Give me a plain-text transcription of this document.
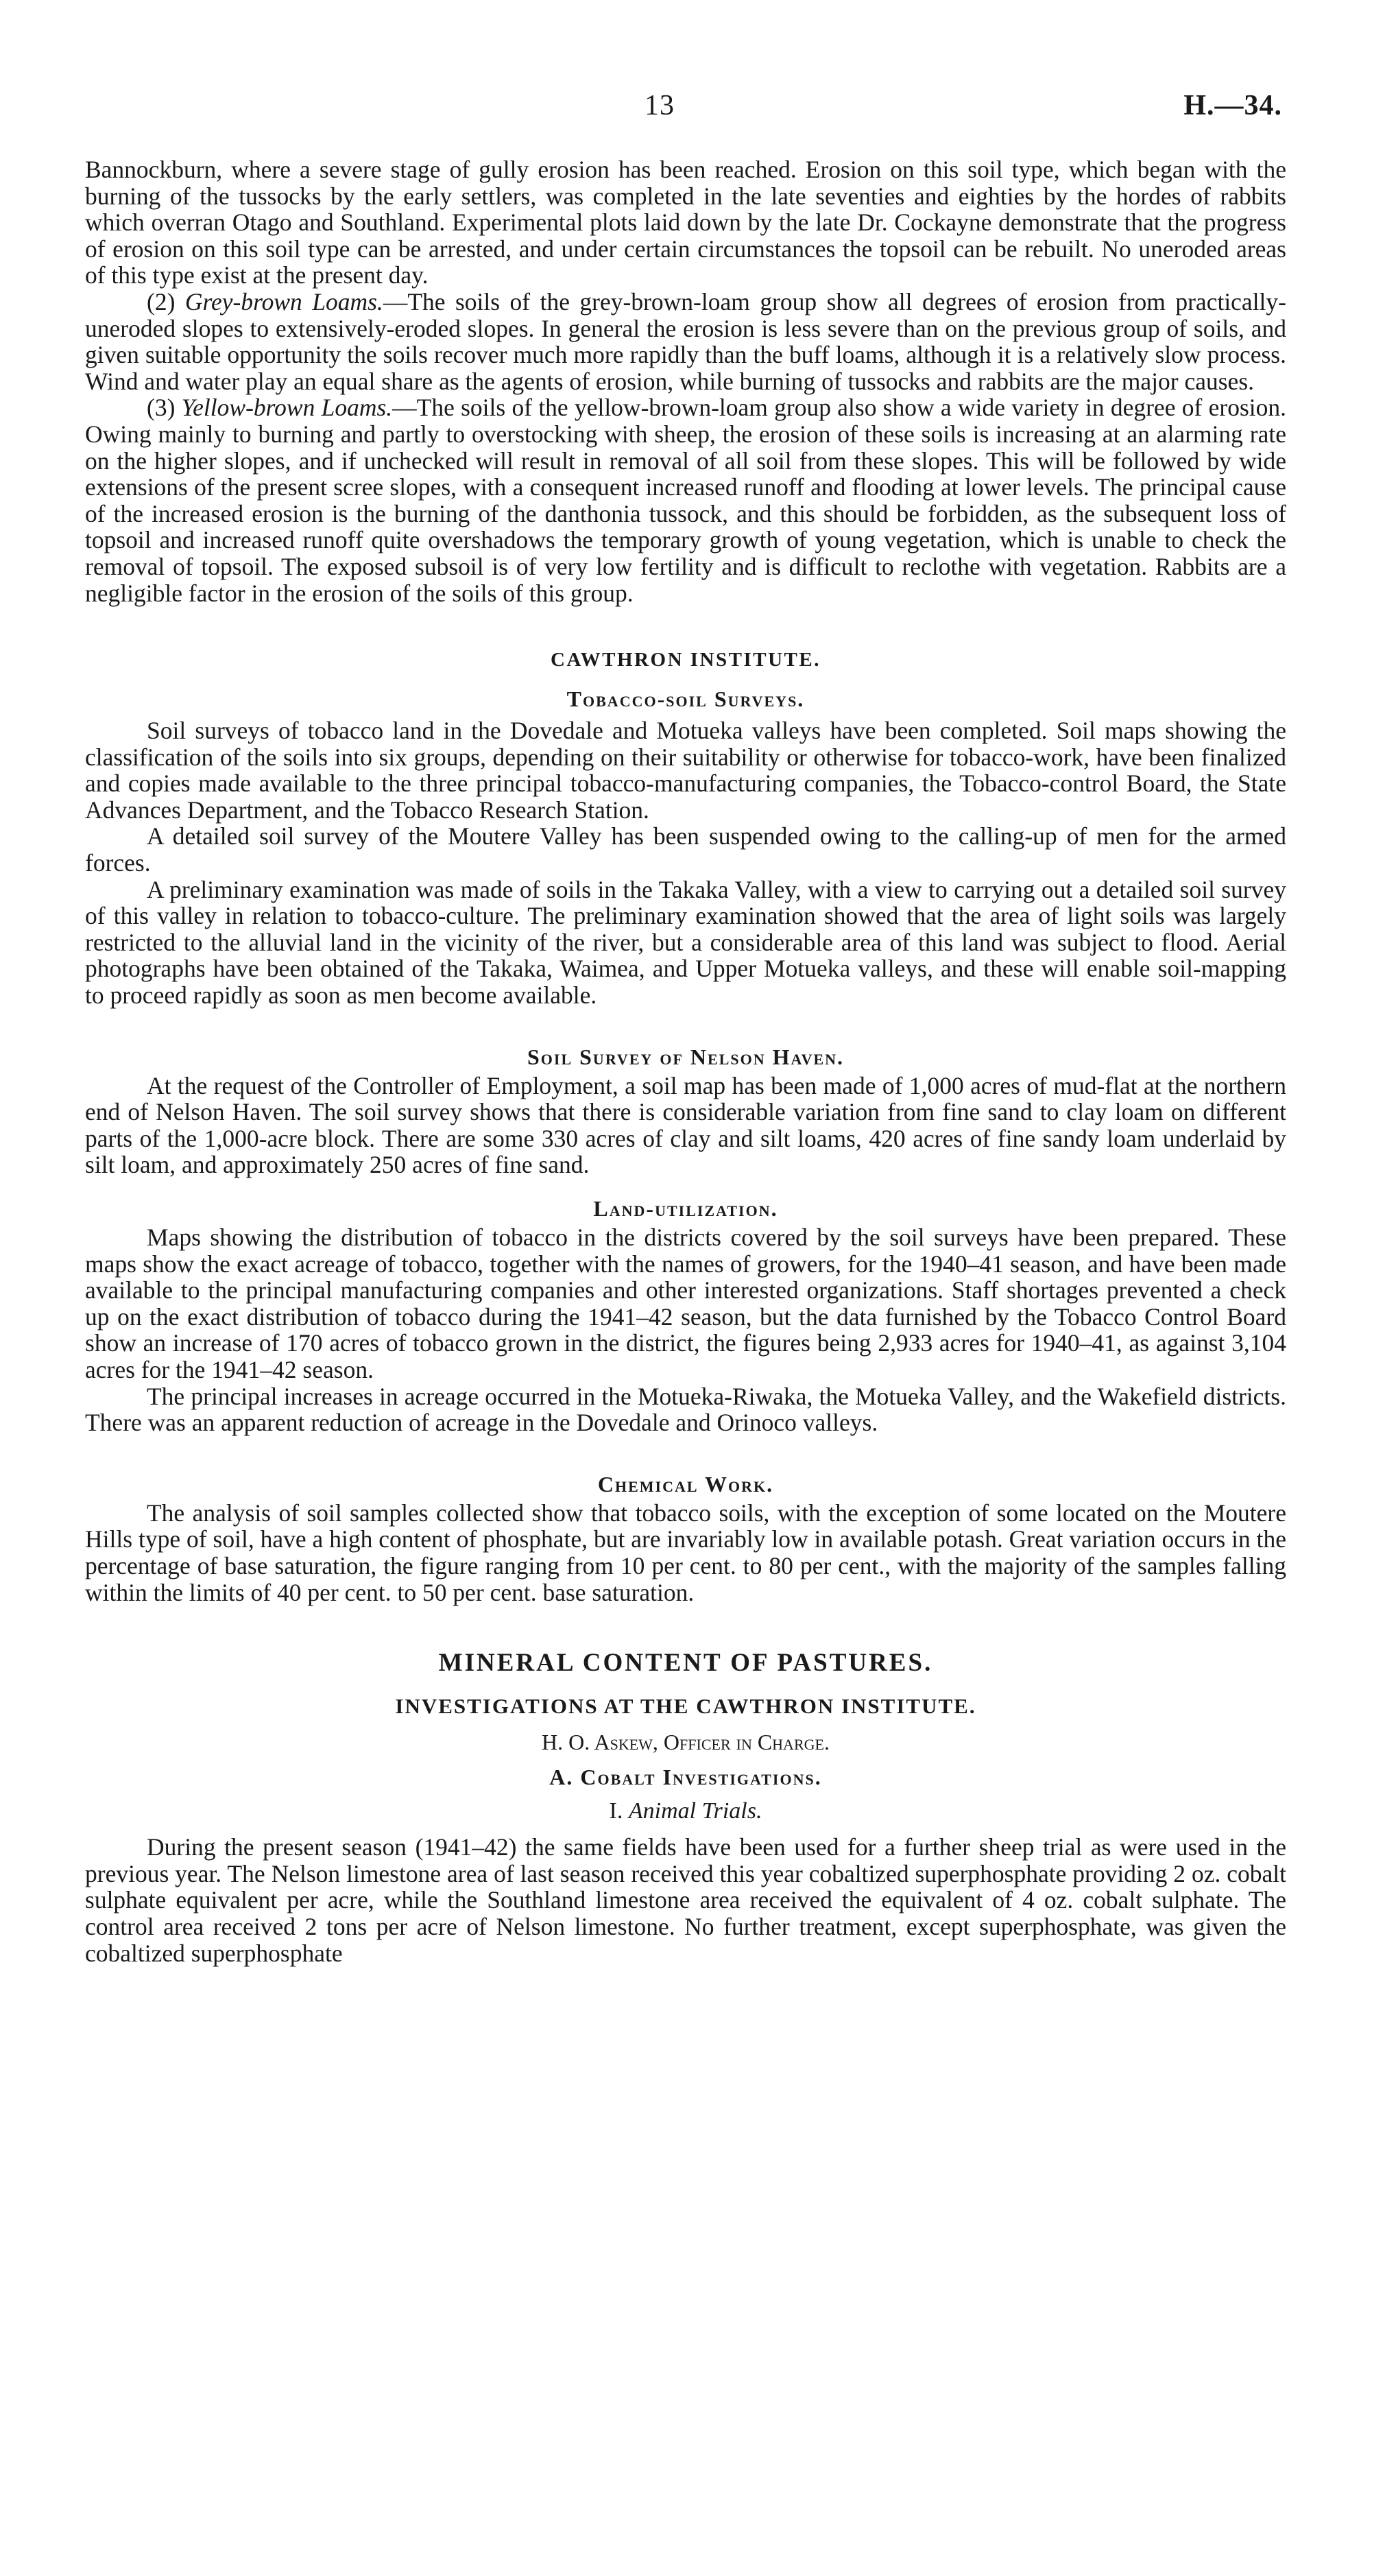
13	H.—34.

Bannockburn, where a severe stage of gully erosion has been reached. Erosion on this soil type, which began with the burning of the tussocks by the early settlers, was completed in the late seventies and eighties by the hordes of rabbits which overran Otago and Southland. Experimental plots laid down by the late Dr. Cockayne demonstrate that the progress of erosion on this soil type can be arrested, and under certain circumstances the topsoil can be rebuilt. No uneroded areas of this type exist at the present day.

(2) Grey-brown Loams.—The soils of the grey-brown-loam group show all degrees of erosion from practically-uneroded slopes to extensively-eroded slopes. In general the erosion is less severe than on the previous group of soils, and given suitable opportunity the soils recover much more rapidly than the buff loams, although it is a relatively slow process. Wind and water play an equal share as the agents of erosion, while burning of tussocks and rabbits are the major causes.

(3) Yellow-brown Loams.—The soils of the yellow-brown-loam group also show a wide variety in degree of erosion. Owing mainly to burning and partly to overstocking with sheep, the erosion of these soils is increasing at an alarming rate on the higher slopes, and if unchecked will result in removal of all soil from these slopes. This will be followed by wide extensions of the present scree slopes, with a consequent increased runoff and flooding at lower levels. The principal cause of the increased erosion is the burning of the danthonia tussock, and this should be forbidden, as the subsequent loss of topsoil and increased runoff quite overshadows the temporary growth of young vegetation, which is unable to check the removal of topsoil. The exposed subsoil is of very low fertility and is difficult to reclothe with vegetation. Rabbits are a negligible factor in the erosion of the soils of this group.

CAWTHRON INSTITUTE.
Tobacco-soil Surveys.

Soil surveys of tobacco land in the Dovedale and Motueka valleys have been completed. Soil maps showing the classification of the soils into six groups, depending on their suitability or otherwise for tobacco-work, have been finalized and copies made available to the three principal tobacco-manufacturing companies, the Tobacco-control Board, the State Advances Department, and the Tobacco Research Station.

A detailed soil survey of the Moutere Valley has been suspended owing to the calling-up of men for the armed forces.

A preliminary examination was made of soils in the Takaka Valley, with a view to carrying out a detailed soil survey of this valley in relation to tobacco-culture. The preliminary examination showed that the area of light soils was largely restricted to the alluvial land in the vicinity of the river, but a considerable area of this land was subject to flood. Aerial photographs have been obtained of the Takaka, Waimea, and Upper Motueka valleys, and these will enable soil-mapping to proceed rapidly as soon as men become available.

Soil Survey of Nelson Haven.

At the request of the Controller of Employment, a soil map has been made of 1,000 acres of mud-flat at the northern end of Nelson Haven. The soil survey shows that there is considerable variation from fine sand to clay loam on different parts of the 1,000-acre block. There are some 330 acres of clay and silt loams, 420 acres of fine sandy loam underlaid by silt loam, and approximately 250 acres of fine sand.

Land-utilization.

Maps showing the distribution of tobacco in the districts covered by the soil surveys have been prepared. These maps show the exact acreage of tobacco, together with the names of growers, for the 1940–41 season, and have been made available to the principal manufacturing companies and other interested organizations. Staff shortages prevented a check up on the exact distribution of tobacco during the 1941–42 season, but the data furnished by the Tobacco Control Board show an increase of 170 acres of tobacco grown in the district, the figures being 2,933 acres for 1940–41, as against 3,104 acres for the 1941–42 season.

The principal increases in acreage occurred in the Motueka-Riwaka, the Motueka Valley, and the Wakefield districts. There was an apparent reduction of acreage in the Dovedale and Orinoco valleys.

Chemical Work.

The analysis of soil samples collected show that tobacco soils, with the exception of some located on the Moutere Hills type of soil, have a high content of phosphate, but are invariably low in available potash. Great variation occurs in the percentage of base saturation, the figure ranging from 10 per cent. to 80 per cent., with the majority of the samples falling within the limits of 40 per cent. to 50 per cent. base saturation.

MINERAL CONTENT OF PASTURES.
INVESTIGATIONS AT THE CAWTHRON INSTITUTE.
H. O. Askew, Officer in Charge.
A. Cobalt Investigations.
I. Animal Trials.

During the present season (1941–42) the same fields have been used for a further sheep trial as were used in the previous year. The Nelson limestone area of last season received this year cobaltized superphosphate providing 2 oz. cobalt sulphate equivalent per acre, while the Southland limestone area received the equivalent of 4 oz. cobalt sulphate. The control area received 2 tons per acre of Nelson limestone. No further treatment, except superphosphate, was given the cobaltized superphosphate
